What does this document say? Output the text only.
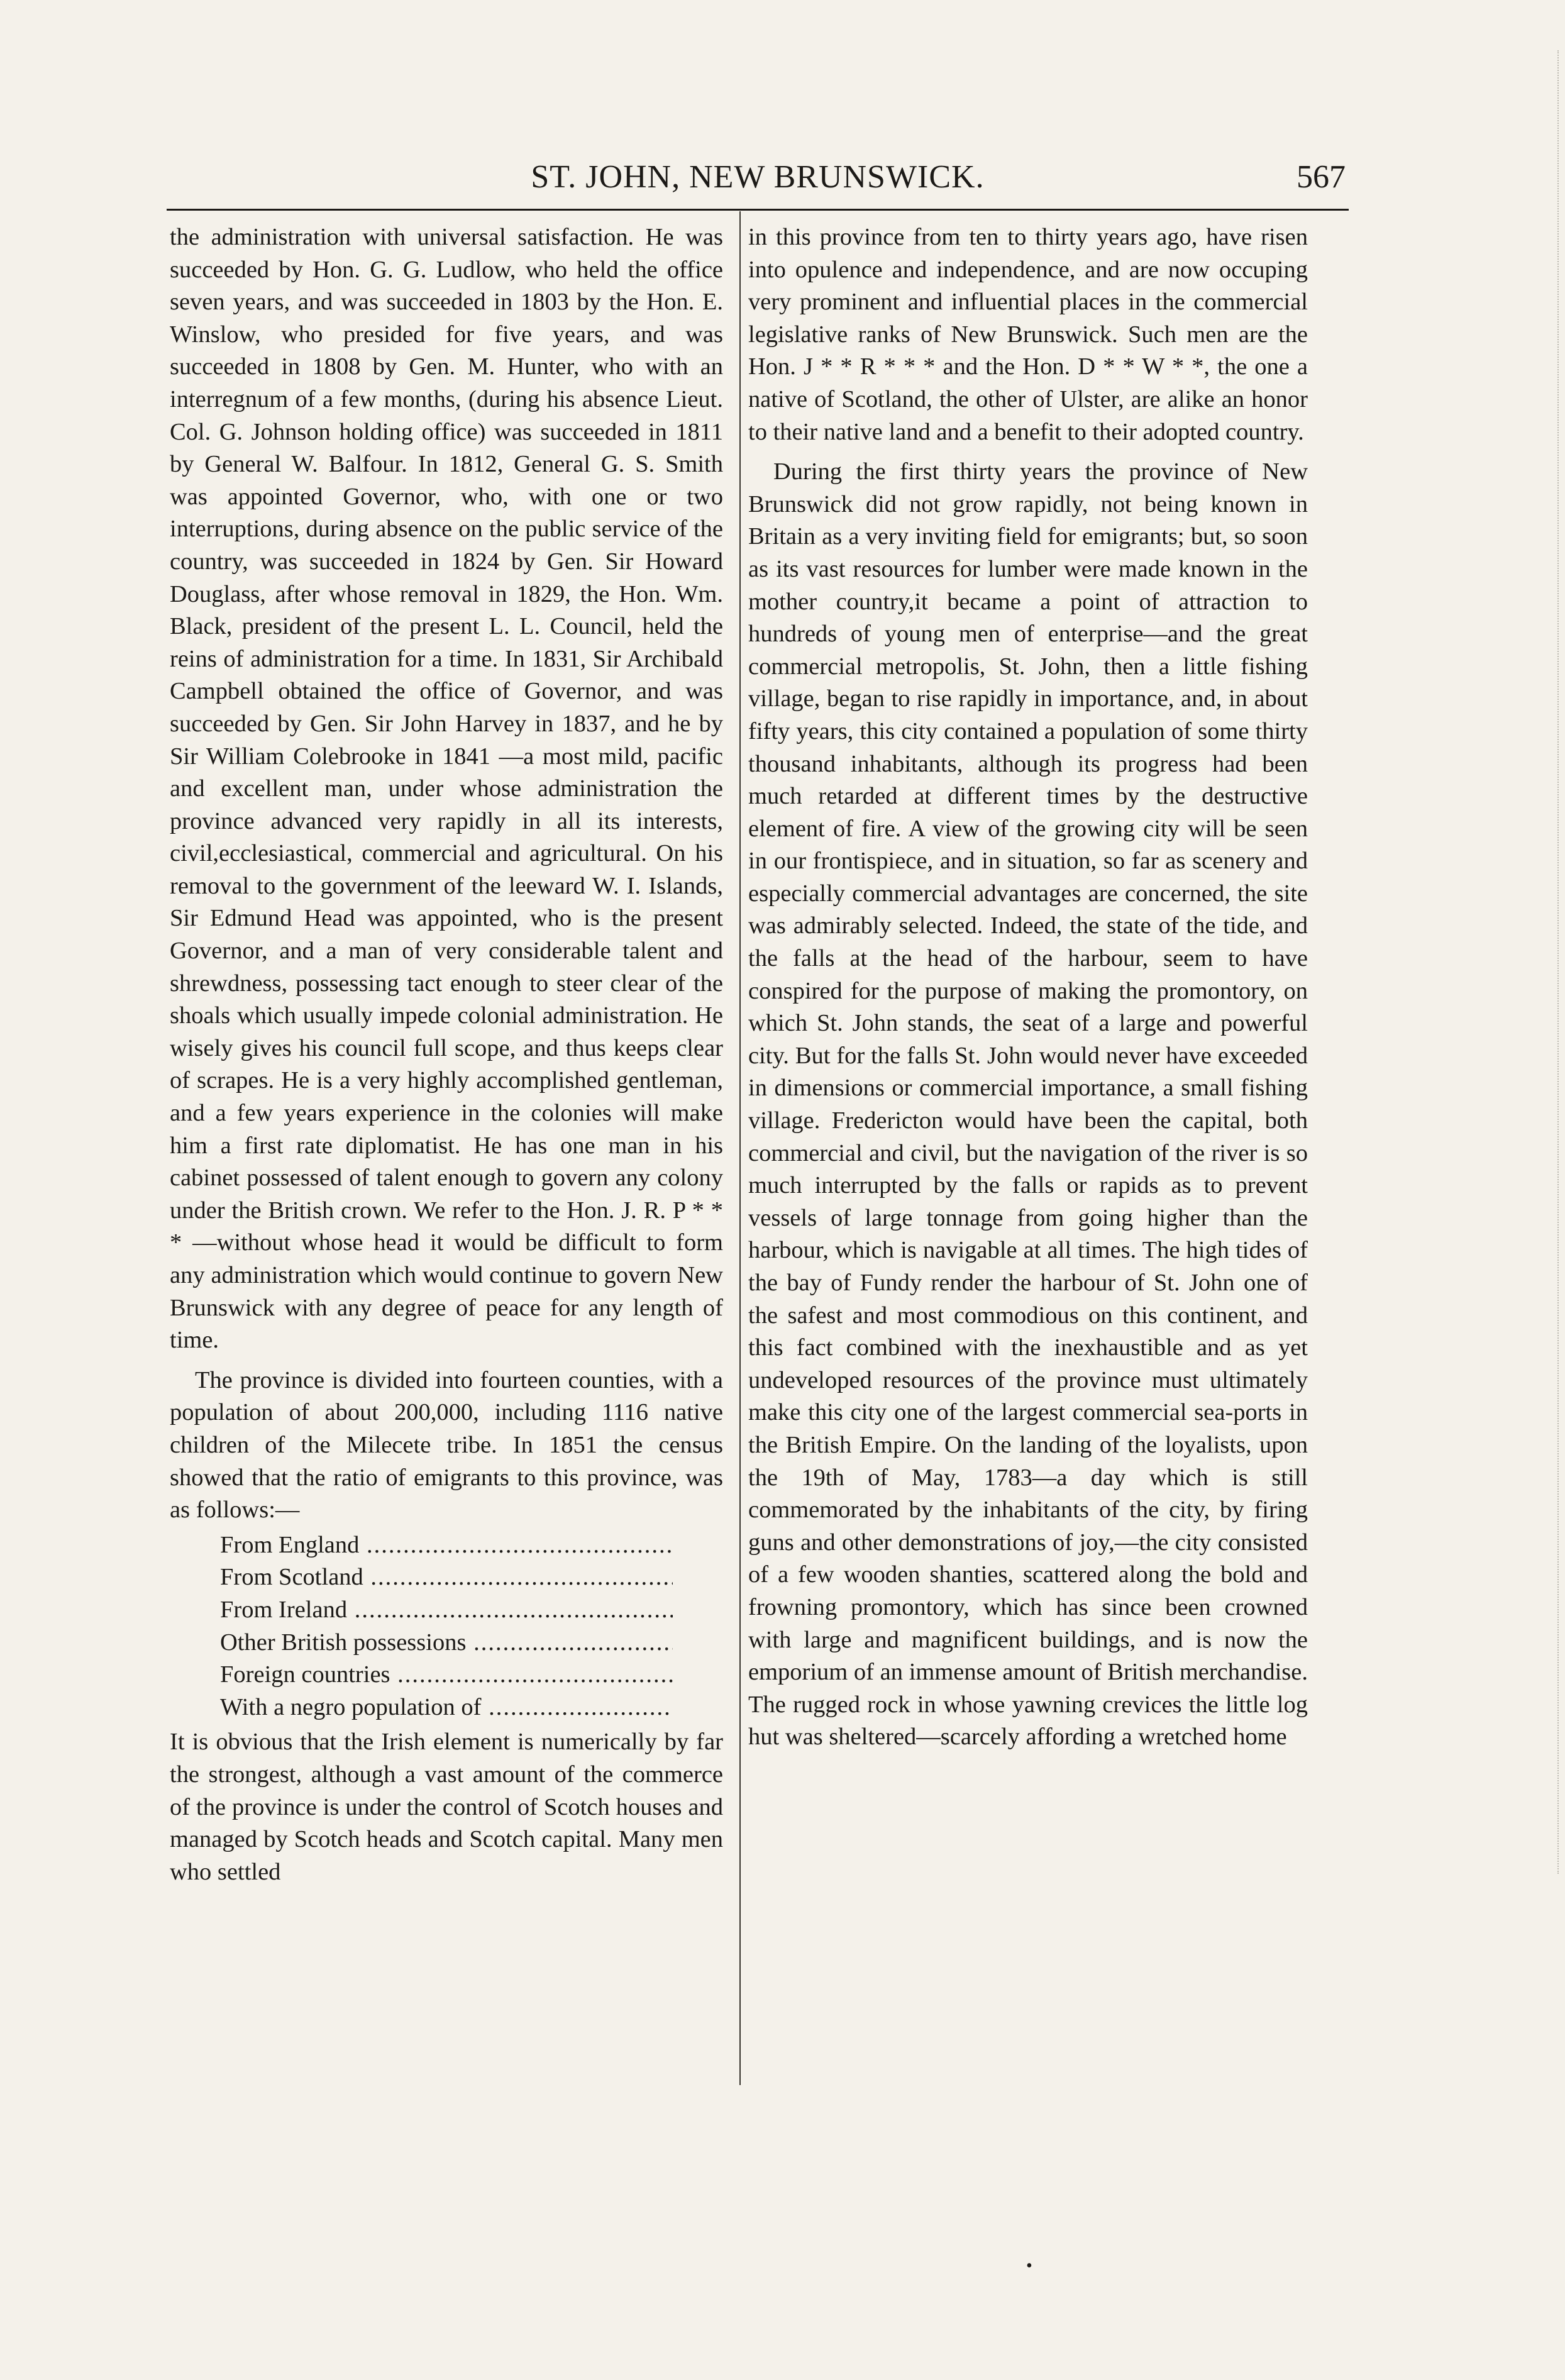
ST. JOHN, NEW BRUNSWICK.	567

the administration with universal satisfaction. He was succeeded by Hon. G. G. Ludlow, who held the office seven years, and was succeeded in 1803 by the Hon. E. Winslow, who presided for five years, and was succeeded in 1808 by Gen. M. Hunter, who with an interregnum of a few months, (during his absence Lieut. Col. G. Johnson holding office) was succeeded in 1811 by General W. Balfour. In 1812, General G. S. Smith was appointed Governor, who, with one or two interruptions, during absence on the public service of the country, was succeeded in 1824 by Gen. Sir Howard Douglass, after whose removal in 1829, the Hon. Wm. Black, president of the present L. L. Council, held the reins of administration for a time. In 1831, Sir Archibald Campbell obtained the office of Governor, and was succeeded by Gen. Sir John Harvey in 1837, and he by Sir William Colebrooke in 1841 —a most mild, pacific and excellent man, under whose administration the province advanced very rapidly in all its interests, civil,ecclesiastical, commercial and agricultural. On his removal to the government of the leeward W. I. Islands, Sir Edmund Head was appointed, who is the present Governor, and a man of very considerable talent and shrewdness, possessing tact enough to steer clear of the shoals which usually impede colonial administration. He wisely gives his council full scope, and thus keeps clear of scrapes. He is a very highly accomplished gentleman, and a few years experience in the colonies will make him a first rate diplomatist. He has one man in his cabinet possessed of talent enough to govern any colony under the British crown. We refer to the Hon. J. R. P * * * —without whose head it would be difficult to form any administration which would continue to govern New Brunswick with any degree of peace for any length of time.

The province is divided into fourteen counties, with a population of about 200,000, including 1116 native children of the Milecete tribe. In 1851 the census showed that the ratio of emigrants to this province, was as follows:—

From England .....
From Scotland .....
From Ireland .....
Other British possessions .....
Foreign countries .....
With a negro population of .....

It is obvious that the Irish element is numerically by far the strongest, although a vast amount of the commerce of the province is under the control of Scotch houses and managed by Scotch heads and Scotch capital. Many men who settled

in this province from ten to thirty years ago, have risen into opulence and independence, and are now occuping very prominent and influential places in the commercial legislative ranks of New Brunswick. Such men are the Hon. J * * R * * * and the Hon. D * * W * *, the one a native of Scotland, the other of Ulster, are alike an honor to their native land and a benefit to their adopted country.

During the first thirty years the province of New Brunswick did not grow rapidly, not being known in Britain as a very inviting field for emigrants; but, so soon as its vast resources for lumber were made known in the mother country,it became a point of attraction to hundreds of young men of enterprise—and the great commercial metropolis, St. John, then a little fishing village, began to rise rapidly in importance, and, in about fifty years, this city contained a population of some thirty thousand inhabitants, although its progress had been much retarded at different times by the destructive element of fire. A view of the growing city will be seen in our frontispiece, and in situation, so far as scenery and especially commercial advantages are concerned, the site was admirably selected. Indeed, the state of the tide, and the falls at the head of the harbour, seem to have conspired for the purpose of making the promontory, on which St. John stands, the seat of a large and powerful city. But for the falls St. John would never have exceeded in dimensions or commercial importance, a small fishing village. Fredericton would have been the capital, both commercial and civil, but the navigation of the river is so much interrupted by the falls or rapids as to prevent vessels of large tonnage from going higher than the harbour, which is navigable at all times. The high tides of the bay of Fundy render the harbour of St. John one of the safest and most commodious on this continent, and this fact combined with the inexhaustible and as yet undeveloped resources of the province must ultimately make this city one of the largest commercial sea-ports in the British Empire. On the landing of the loyalists, upon the 19th of May, 1783—a day which is still commemorated by the inhabitants of the city, by firing guns and other demonstrations of joy,—the city consisted of a few wooden shanties, scattered along the bold and frowning promontory, which has since been crowned with large and magnificent buildings, and is now the emporium of an immense amount of British merchandise. The rugged rock in whose yawning crevices the little log hut was sheltered—scarcely affording a wretched home

•
